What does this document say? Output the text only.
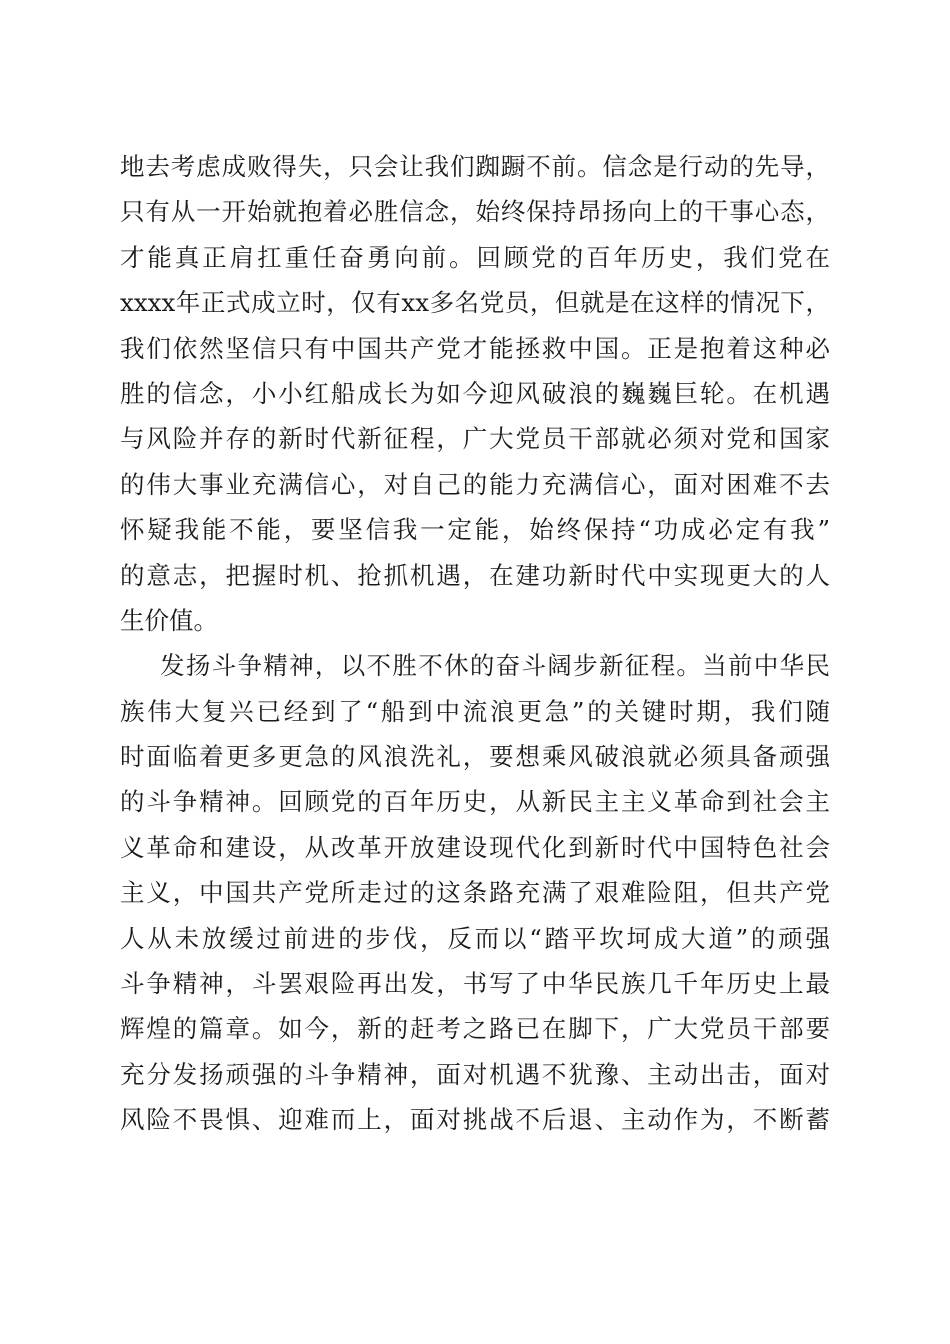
地去考虑成败得失，只会让我们踟蹰不前。信念是行动的先导，
只有从一开始就抱着必胜信念，始终保持昂扬向上的干事心态，
才能真正肩扛重任奋勇向前。回顾党的百年历史，我们党在
xxxx年正式成立时，仅有xx多名党员，但就是在这样的情况下，
我们依然坚信只有中国共产党才能拯救中国。正是抱着这种必
胜的信念，小小红船成长为如今迎风破浪的巍巍巨轮。在机遇
与风险并存的新时代新征程，广大党员干部就必须对党和国家
的伟大事业充满信心，对自己的能力充满信心，面对困难不去
怀疑我能不能，要坚信我一定能，始终保持“功成必定有我”
的意志，把握时机、抢抓机遇，在建功新时代中实现更大的人
生价值。
发扬斗争精神，以不胜不休的奋斗阔步新征程。当前中华民
族伟大复兴已经到了“船到中流浪更急”的关键时期，我们随
时面临着更多更急的风浪洗礼，要想乘风破浪就必须具备顽强
的斗争精神。回顾党的百年历史，从新民主主义革命到社会主
义革命和建设，从改革开放建设现代化到新时代中国特色社会
主义，中国共产党所走过的这条路充满了艰难险阻，但共产党
人从未放缓过前进的步伐，反而以“踏平坎坷成大道”的顽强
斗争精神，斗罢艰险再出发，书写了中华民族几千年历史上最
辉煌的篇章。如今，新的赶考之路已在脚下，广大党员干部要
充分发扬顽强的斗争精神，面对机遇不犹豫、主动出击，面对
风险不畏惧、迎难而上，面对挑战不后退、主动作为，不断蓄
